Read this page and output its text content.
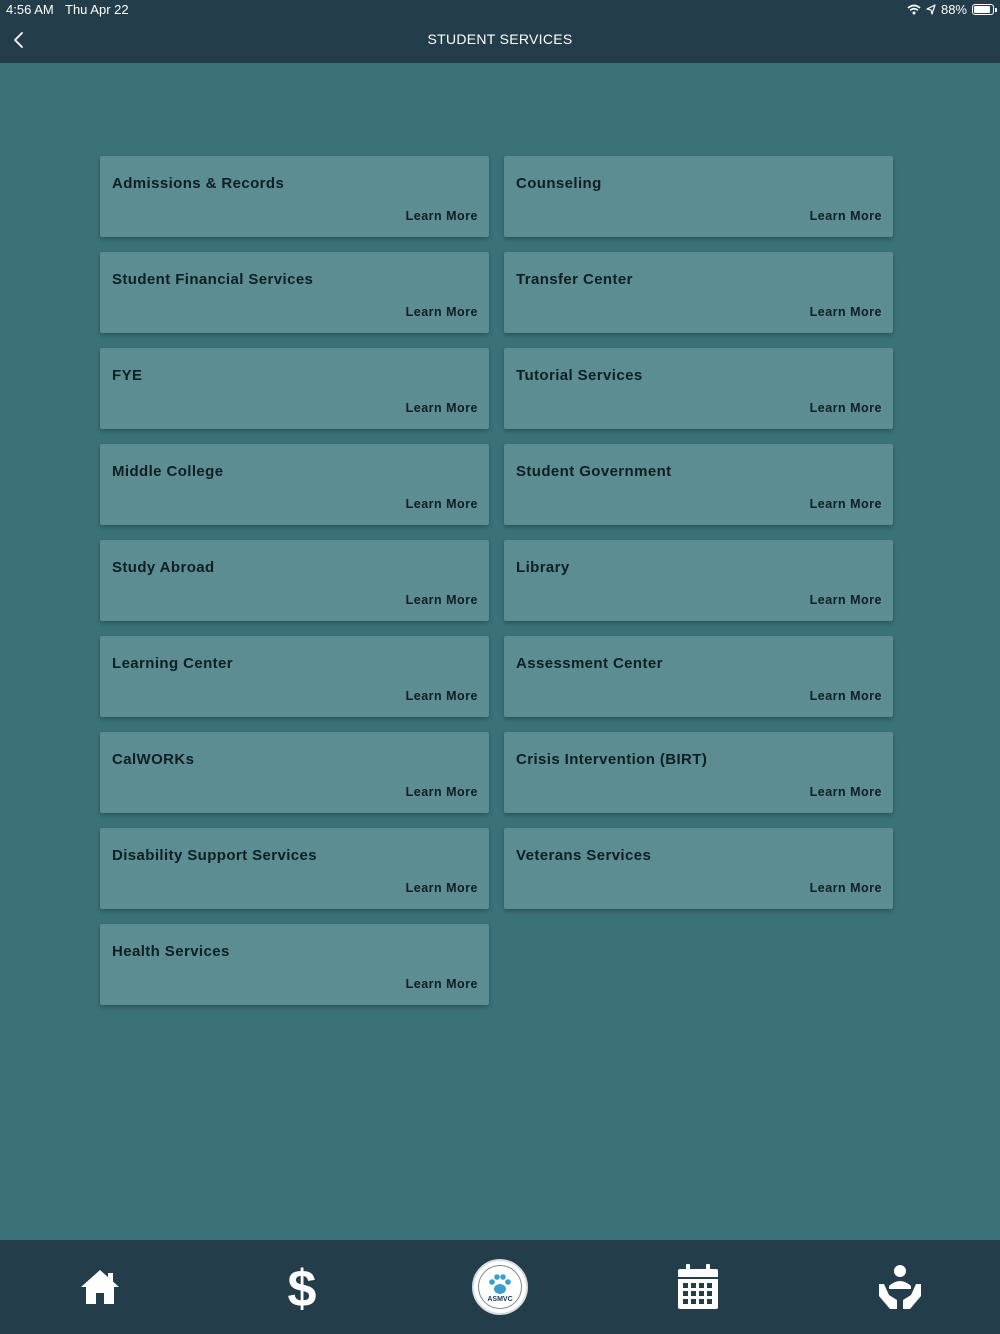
4:56 AM Thu Apr 22	88%
STUDENT SERVICES
Admissions & Records
Learn More
Counseling
Learn More
Student Financial Services
Learn More
Transfer Center
Learn More
FYE
Learn More
Tutorial Services
Learn More
Middle College
Learn More
Student Government
Learn More
Study Abroad
Learn More
Library
Learn More
Learning Center
Learn More
Assessment Center
Learn More
CalWORKs
Learn More
Crisis Intervention (BIRT)
Learn More
Disability Support Services
Learn More
Veterans Services
Learn More
Health Services
Learn More
$	ASMVC
